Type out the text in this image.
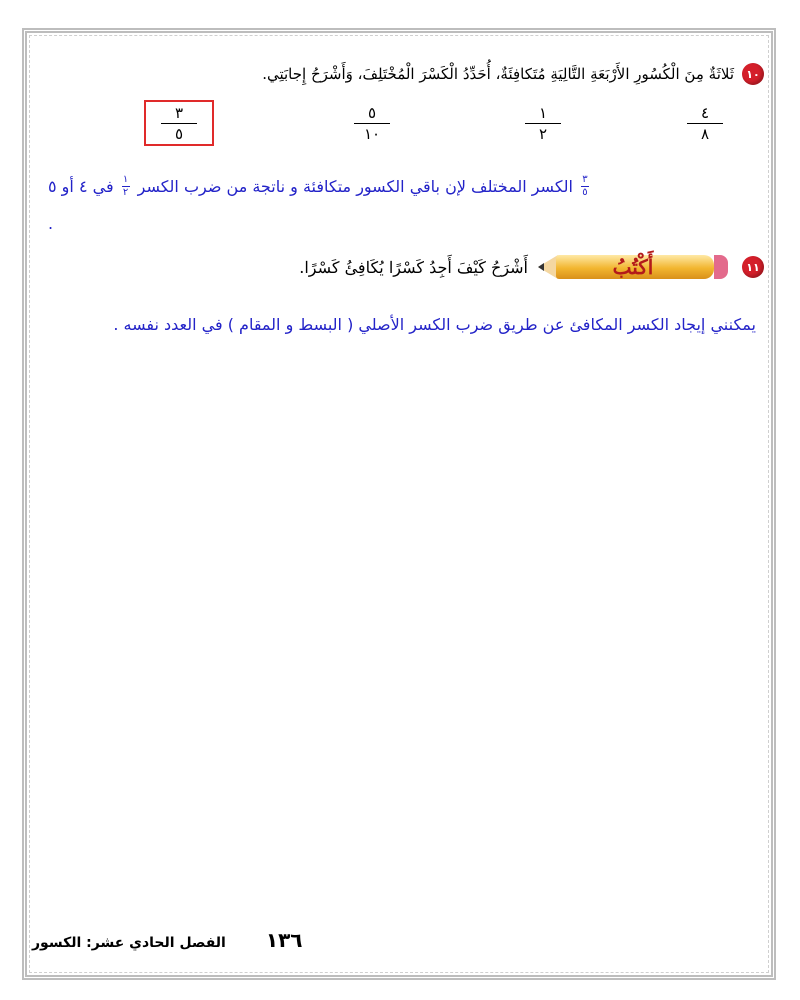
١٠
ثَلاثَةٌ مِنَ الْكُسُورِ الأَرْبَعَةِ التَّالِيَةِ مُتَكافِئَةٌ، أُحَدِّدُ الْكَسْرَ الْمُخْتَلِفَ، وَأَشْرَحُ إِجابَتِي.
$\frac{٤}{٨}$
$\frac{١}{٢}$
$\frac{٥}{١٠}$
$\frac{٣}{٥}$
$\frac{٣}{٥}$
الكسر المختلف لإن باقي الكسور متكافئة و ناتجة من ضرب الكسر
$\frac{١}{٢}$
في ٤ أو ٥
.
١١
أَكْتُبُ
أَشْرَحُ كَيْفَ أَجِدُ كَسْرًا يُكَافِئُ كَسْرًا.
يمكنني إيجاد الكسر المكافئ عن طريق ضرب الكسر الأصلي ( البسط و المقام ) في العدد نفسه .
الفصل الحادي عشر: الكسور ١٣٦
